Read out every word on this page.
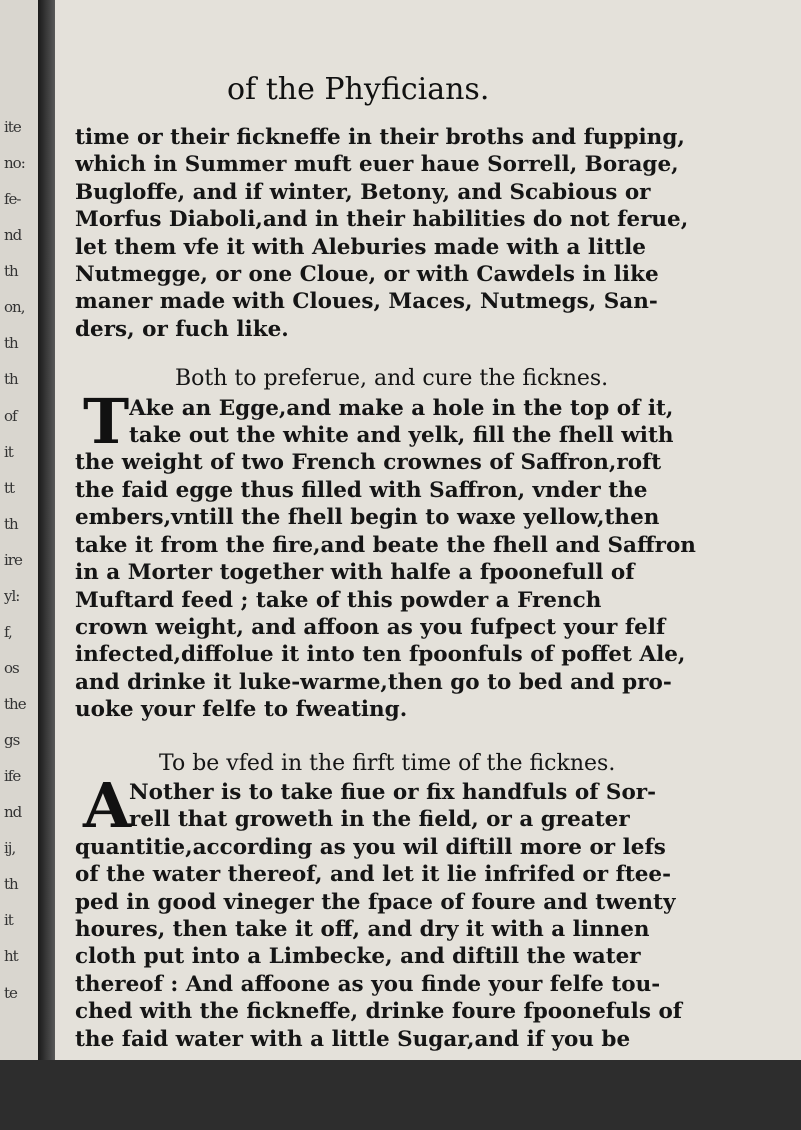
ite
no:
fe-
nd
th
on,
th
th
of
it
tt
th
ire
yl:
f,
os
the
gs
ife
nd
ij,
th
it
ht
te
of the Phyficians.
time or their fickneffe in their broths and fupping,
which in Summer muft euer haue Sorrell, Borage,
Bugloffe, and if winter, Betony, and Scabious or
Morfus Diaboli,and in their habilities do not ferue,
let them vfe it with Aleburies made with a little
Nutmegge, or one Cloue, or with Cawdels in like
maner made with Cloues, Maces, Nutmegs, San-
ders, or fuch like.
Both to preferue, and cure the ficknes.
T Ake an Egge,and make a hole in the top of it,
take out the white and yelk, fill the fhell with
the weight of two French crownes of Saffron,roft
the faid egge thus filled with Saffron, vnder the
embers,vntill the fhell begin to waxe yellow,then
take it from the fire,and beate the fhell and Saffron
in a Morter together with halfe a fpoonefull of
Muftard feed ; take of this powder a French
crown weight, and affoon as you fufpect your felf
infected,diffolue it into ten fpoonfuls of poffet Ale,
and drinke it luke-warme,then go to bed and pro-
uoke your felfe to fweating.
To be vfed in the firft time of the ficknes.
A
Nother is to take fiue or fix handfuls of Sor-
rell that groweth in the field, or a greater
quantitie,according as you wil diftill more or lefs
of the water thereof, and let it lie infrifed or ftee-
ped in good vineger the fpace of foure and twenty
houres, then take it off, and dry it with a linnen
cloth put into a Limbecke, and diftill the water
thereof : And affoone as you finde your felfe tou-
ched with the fickneffe, drinke foure fpoonefuls of
the faid water with a little Sugar,and if you be
